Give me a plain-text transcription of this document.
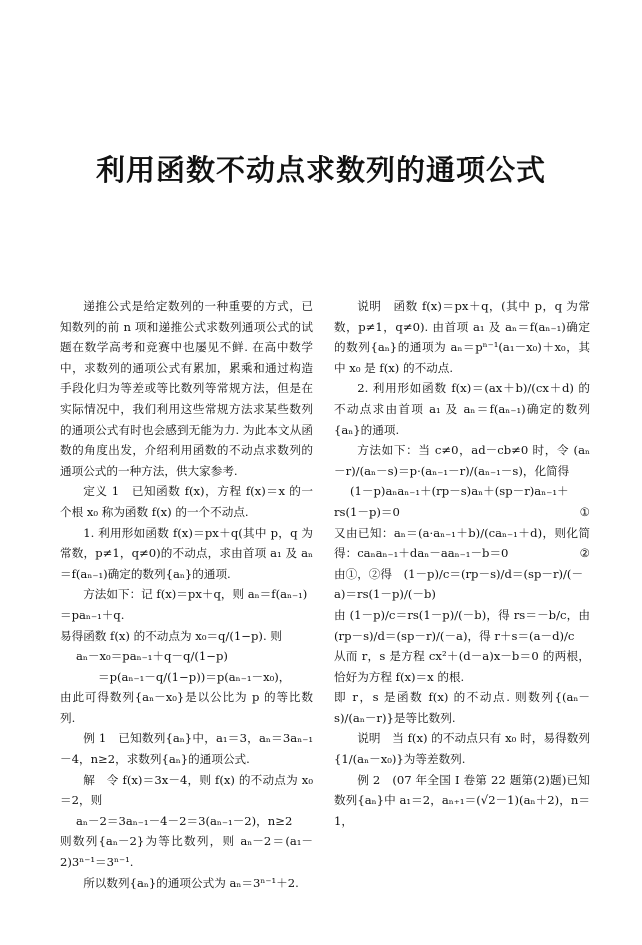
利用函数不动点求数列的通项公式

递推公式是给定数列的一种重要的方式，已知数列的前 n 项和递推公式求数列通项公式的试题在数学高考和竞赛中也屡见不鲜. 在高中数学中，求数列的通项公式有累加，累乘和通过构造手段化归为等差或等比数列等常规方法，但是在实际情况中，我们利用这些常规方法求某些数列的通项公式有时也会感到无能为力. 为此本文从函数的角度出发，介绍利用函数的不动点求数列的通项公式的一种方法，供大家参考.

定义 1　已知函数 f(x)，方程 f(x)＝x 的一个根 x₀ 称为函数 f(x) 的一个不动点.

1. 利用形如函数 f(x)＝px＋q(其中 p，q 为常数，p≠1，q≠0)的不动点，求由首项 a₁ 及 aₙ＝f(aₙ₋₁)确定的数列{aₙ}的通项.

方法如下：记 f(x)＝px＋q，则 aₙ＝f(aₙ₋₁)

＝paₙ₋₁＋q.

易得函数 f(x) 的不动点为 x₀＝q/(1−p). 则

aₙ－x₀＝paₙ₋₁＋q－q/(1−p)

＝p(aₙ₋₁－q/(1−p))＝p(aₙ₋₁－x₀)，

由此可得数列{aₙ－x₀}是以公比为 p 的等比数列.

例 1　已知数列{aₙ}中，a₁＝3，aₙ＝3aₙ₋₁－4，n≥2，求数列{aₙ}的通项公式.

解　令 f(x)＝3x－4，则 f(x) 的不动点为 x₀＝2，则

aₙ－2＝3aₙ₋₁－4－2＝3(aₙ₋₁－2)，n≥2

则数列{aₙ－2}为等比数列，则 aₙ－2＝(a₁－2)3ⁿ⁻¹＝3ⁿ⁻¹.

所以数列{aₙ}的通项公式为 aₙ＝3ⁿ⁻¹＋2.

说明　函数 f(x)＝px＋q，(其中 p，q 为常数，p≠1，q≠0). 由首项 a₁ 及 aₙ＝f(aₙ₋₁)确定的数列{aₙ}的通项为 aₙ＝pⁿ⁻¹(a₁－x₀)＋x₀，其中 x₀ 是 f(x) 的不动点.

2. 利用形如函数 f(x)＝(ax＋b)/(cx＋d) 的不动点求由首项 a₁ 及 aₙ＝f(aₙ₋₁)确定的数列{aₙ}的通项.

方法如下：当 c≠0，ad－cb≠0 时，令 (aₙ－r)/(aₙ－s)＝p·(aₙ₋₁－r)/(aₙ₋₁－s)，化简得

(1－p)aₙaₙ₋₁＋(rp－s)aₙ＋(sp－r)aₙ₋₁＋

rs(1－p)＝0	①

又由已知：aₙ＝(a·aₙ₋₁＋b)/(caₙ₋₁＋d)，则化简得：caₙaₙ₋₁＋daₙ－aaₙ₋₁－b＝0	②

由①，②得　(1－p)/c＝(rp－s)/d＝(sp－r)/(－a)＝rs(1－p)/(－b)

由 (1－p)/c＝rs(1－p)/(－b)，得 rs＝－b/c，由 (rp－s)/d＝(sp－r)/(－a)，得 r＋s＝(a－d)/c

从而 r，s 是方程 cx²＋(d－a)x－b＝0 的两根，恰好为方程 f(x)＝x 的根.

即 r，s 是函数 f(x) 的不动点. 则数列{(aₙ－s)/(aₙ－r)}是等比数列.

说明　当 f(x) 的不动点只有 x₀ 时，易得数列{1/(aₙ－x₀)}为等差数列.

例 2　(07 年全国 I 卷第 22 题第(2)题)已知数列{aₙ}中 a₁＝2，aₙ₊₁＝(√2－1)(aₙ＋2)，n＝1，
